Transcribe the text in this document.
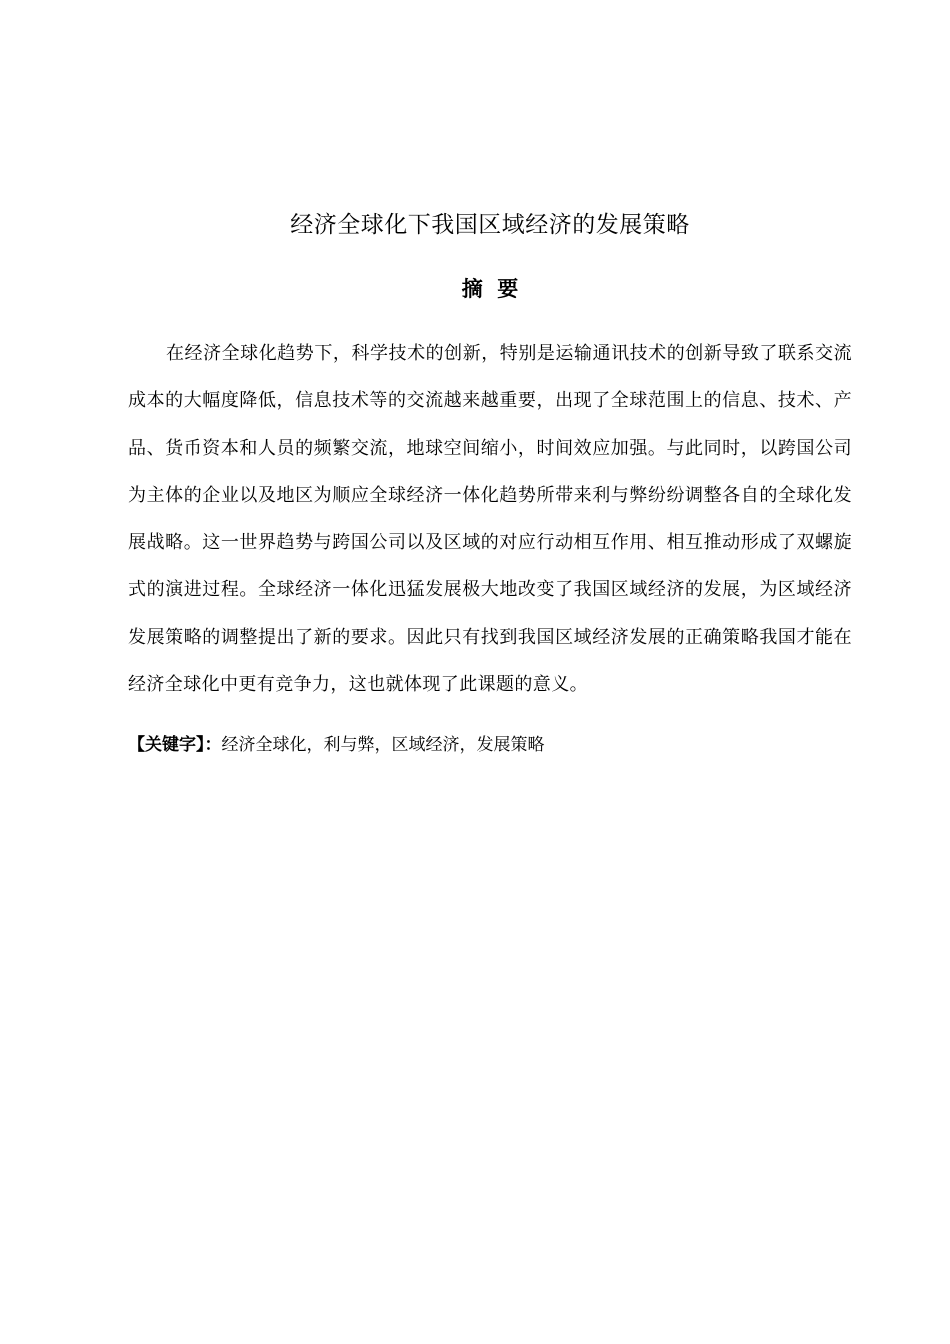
经济全球化下我国区域经济的发展策略
摘  要

在经济全球化趋势下，科学技术的创新，特别是运输通讯技术的创新导致了联系交流成本的大幅度降低，信息技术等的交流越来越重要，出现了全球范围上的信息、技术、产品、货币资本和人员的频繁交流，地球空间缩小，时间效应加强。与此同时，以跨国公司为主体的企业以及地区为顺应全球经济一体化趋势所带来利与弊纷纷调整各自的全球化发展战略。这一世界趋势与跨国公司以及区域的对应行动相互作用、相互推动形成了双螺旋式的演进过程。全球经济一体化迅猛发展极大地改变了我国区域经济的发展，为区域经济发展策略的调整提出了新的要求。因此只有找到我国区域经济发展的正确策略我国才能在经济全球化中更有竞争力，这也就体现了此课题的意义。

【关键字】：经济全球化，利与弊，区域经济，发展策略
